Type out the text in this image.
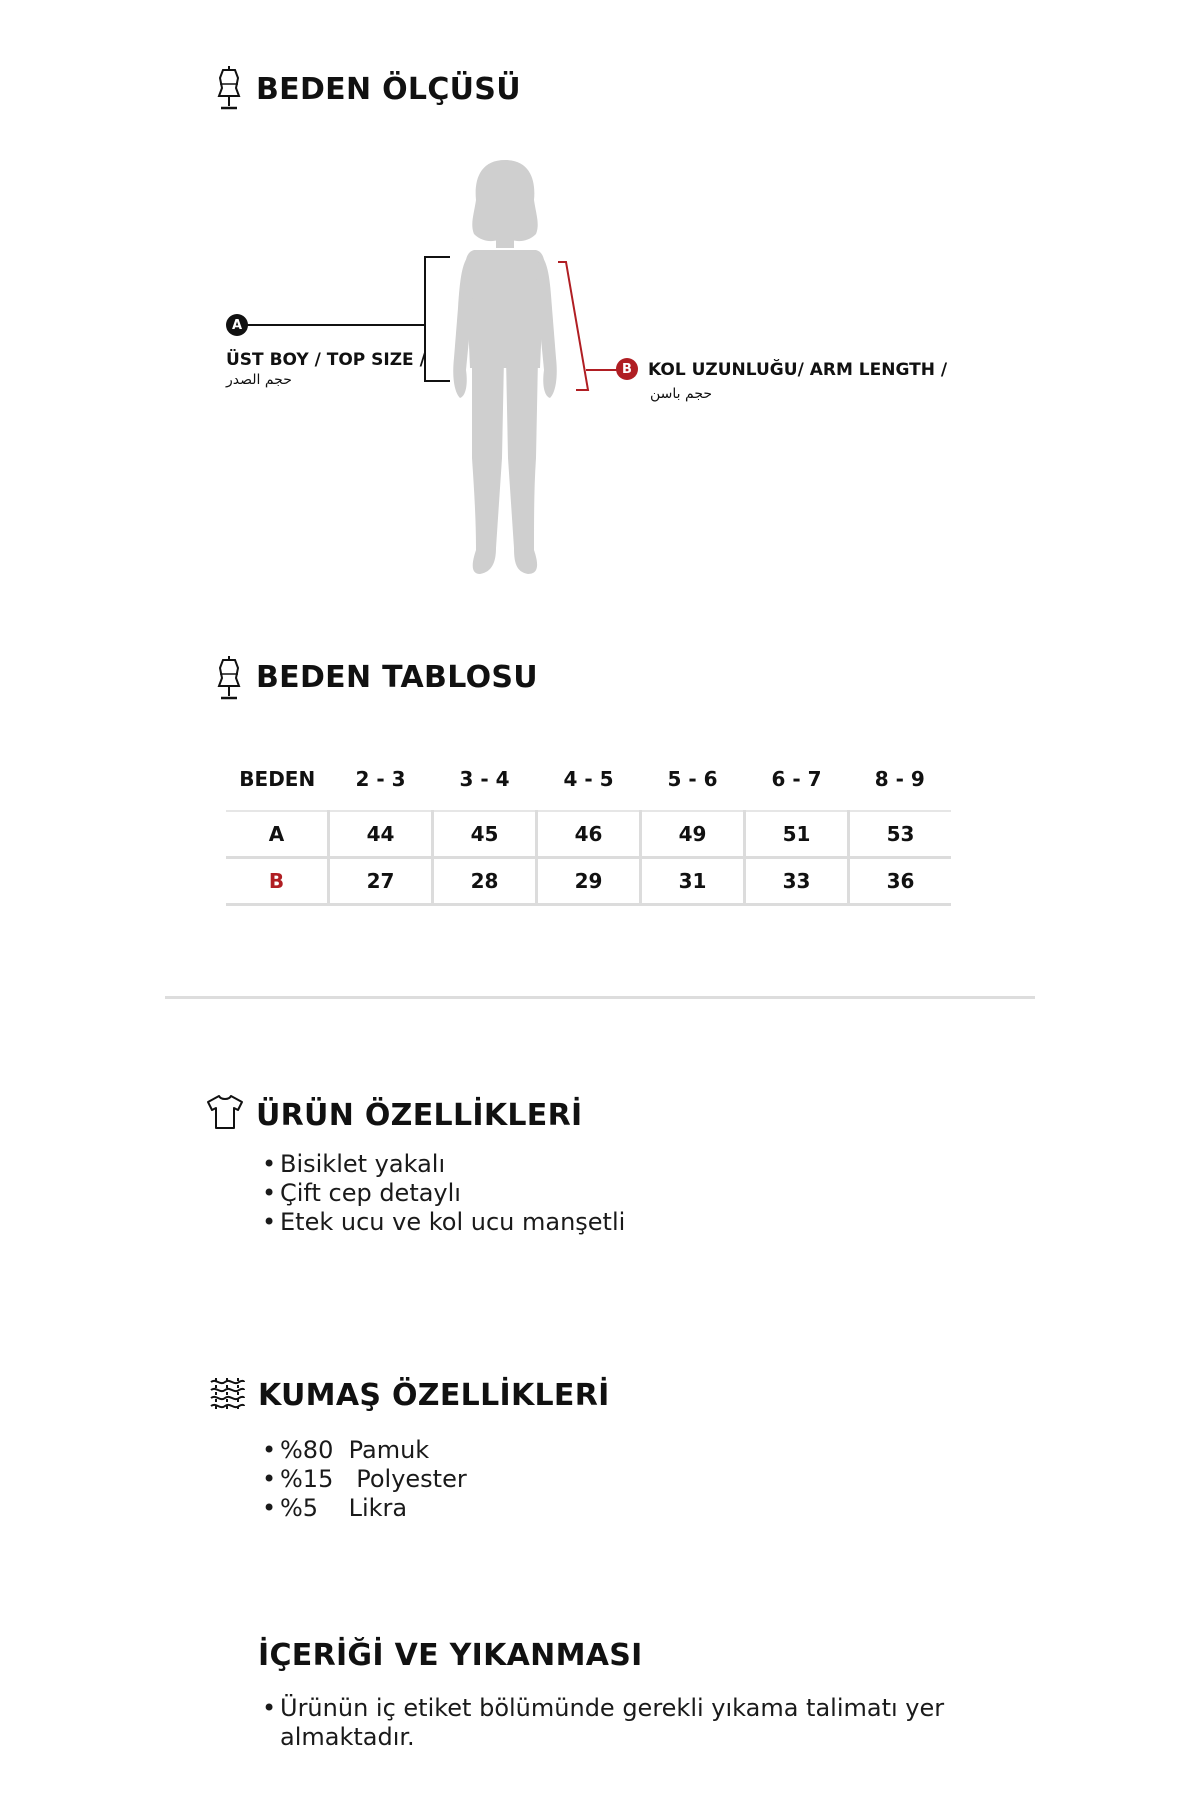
BEDEN ÖLÇÜSÜ
A
ÜST BOY / TOP SIZE /
حجم الصدر
B KOL UZUNLUĞU/ ARM LENGTH /
حجم باسن
BEDEN TABLOSU
BEDEN	2 - 3	3 - 4	4 - 5	5 - 6	6 - 7	8 - 9
A	44	45	46	49	51	53
B	27	28	29	31	33	36
ÜRÜN ÖZELLİKLERİ
• Bisiklet yakalı
• Çift cep detaylı
• Etek ucu ve kol ucu manşetli
KUMAŞ ÖZELLİKLERİ
• %80  Pamuk
• %15   Polyester
• %5    Likra
İÇERİĞİ VE YIKANMASI
• Ürünün iç etiket bölümünde gerekli yıkama talimatı yer almaktadır.
